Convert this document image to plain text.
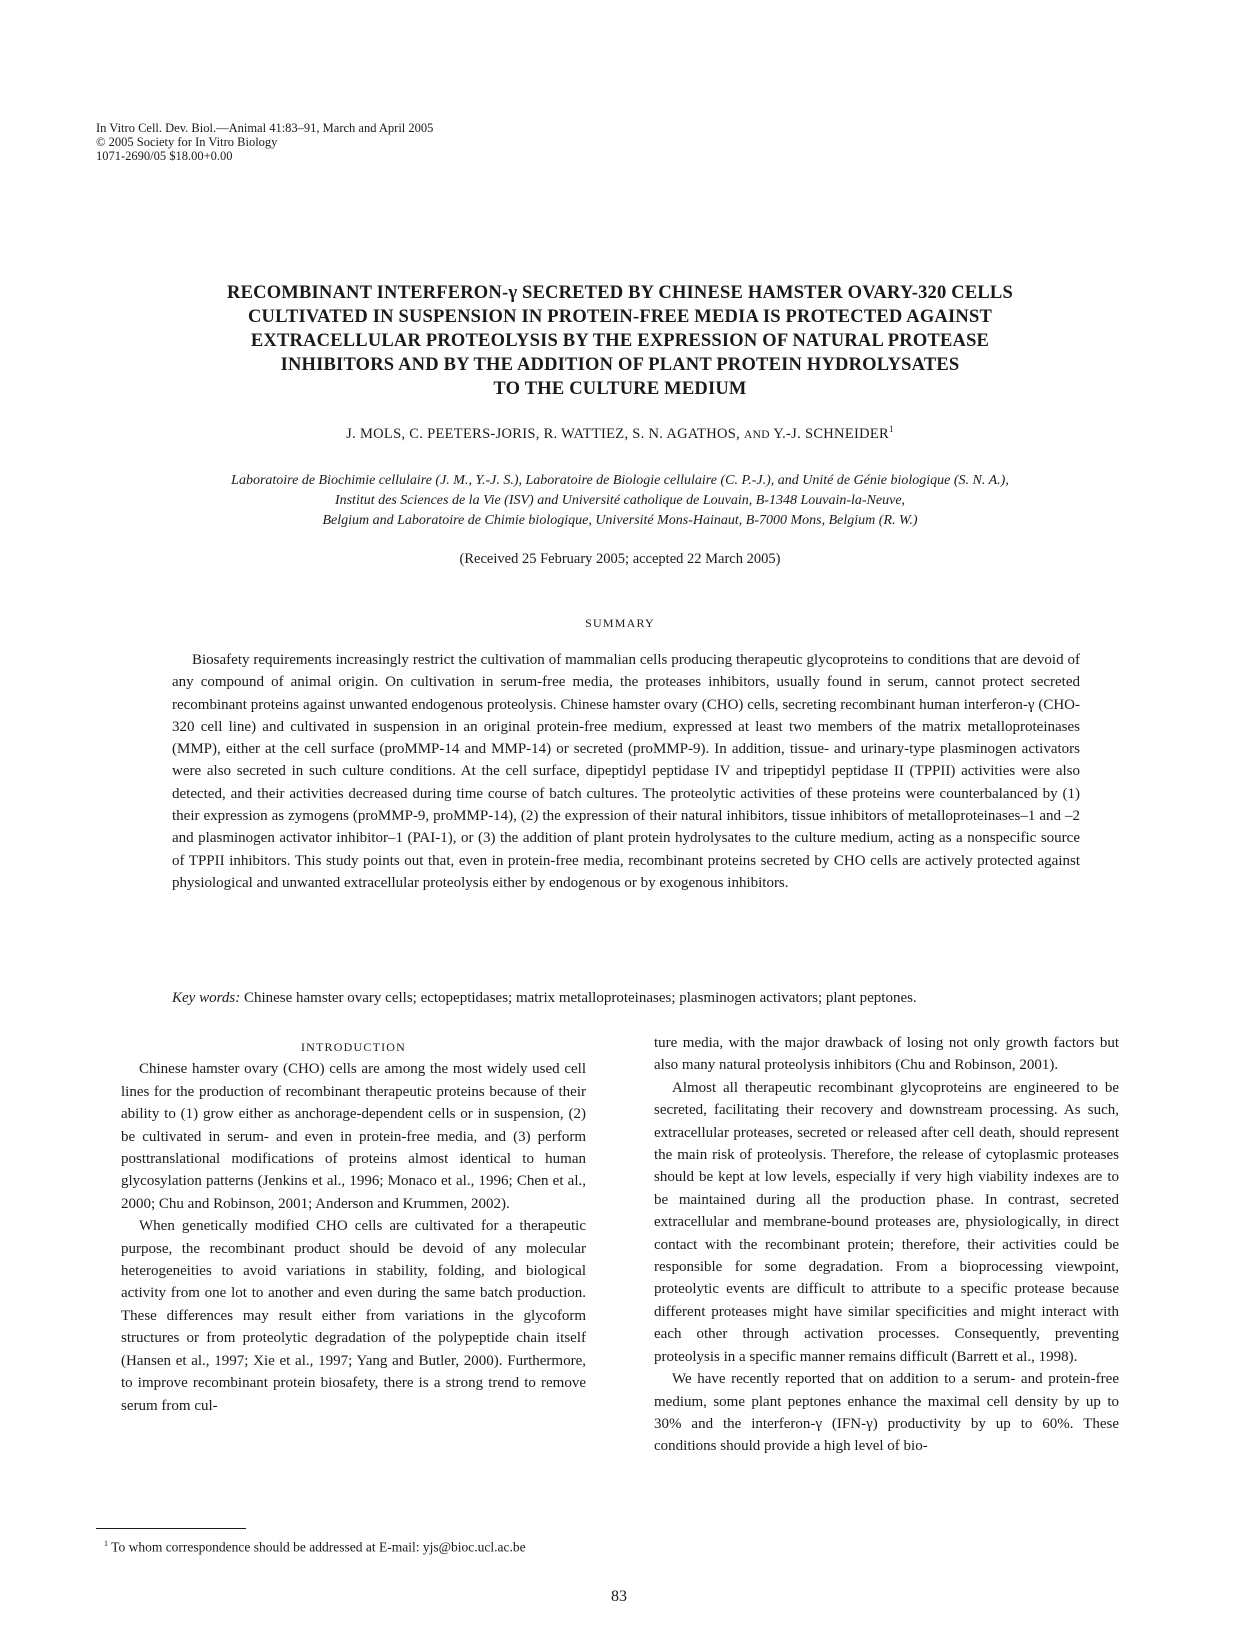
In Vitro Cell. Dev. Biol.—Animal 41:83–91, March and April 2005
© 2005 Society for In Vitro Biology
1071-2690/05 $18.00+0.00
RECOMBINANT INTERFERON-γ SECRETED BY CHINESE HAMSTER OVARY-320 CELLS
CULTIVATED IN SUSPENSION IN PROTEIN-FREE MEDIA IS PROTECTED AGAINST
EXTRACELLULAR PROTEOLYSIS BY THE EXPRESSION OF NATURAL PROTEASE
INHIBITORS AND BY THE ADDITION OF PLANT PROTEIN HYDROLYSATES
TO THE CULTURE MEDIUM
J. MOLS, C. PEETERS-JORIS, R. WATTIEZ, S. N. AGATHOS, AND Y.-J. SCHNEIDER$^1$
Laboratoire de Biochimie cellulaire (J. M., Y.-J. S.), Laboratoire de Biologie cellulaire (C. P.-J.), and Unité de Génie biologique (S. N. A.),
Institut des Sciences de la Vie (ISV) and Université catholique de Louvain, B-1348 Louvain-la-Neuve,
Belgium and Laboratoire de Chimie biologique, Université Mons-Hainaut, B-7000 Mons, Belgium (R. W.)
(Received 25 February 2005; accepted 22 March 2005)
SUMMARY
Biosafety requirements increasingly restrict the cultivation of mammalian cells producing therapeutic glycoproteins to conditions that are devoid of any compound of animal origin. On cultivation in serum-free media, the proteases inhibitors, usually found in serum, cannot protect secreted recombinant proteins against unwanted endogenous proteolysis. Chinese hamster ovary (CHO) cells, secreting recombinant human interferon-γ (CHO-320 cell line) and cultivated in suspension in an original protein-free medium, expressed at least two members of the matrix metalloproteinases (MMP), either at the cell surface (proMMP-14 and MMP-14) or secreted (proMMP-9). In addition, tissue- and urinary-type plasminogen activators were also secreted in such culture conditions. At the cell surface, dipeptidyl peptidase IV and tripeptidyl peptidase II (TPPII) activities were also detected, and their activities decreased during time course of batch cultures. The proteolytic activities of these proteins were counterbalanced by (1) their expression as zymogens (proMMP-9, proMMP-14), (2) the expression of their natural inhibitors, tissue inhibitors of metalloproteinases–1 and –2 and plasminogen activator inhibitor–1 (PAI-1), or (3) the addition of plant protein hydrolysates to the culture medium, acting as a nonspecific source of TPPII inhibitors. This study points out that, even in protein-free media, recombinant proteins secreted by CHO cells are actively protected against physiological and unwanted extracellular proteolysis either by endogenous or by exogenous inhibitors.
Key words: Chinese hamster ovary cells; ectopeptidases; matrix metalloproteinases; plasminogen activators; plant peptones.

INTRODUCTION

Chinese hamster ovary (CHO) cells are among the most widely used cell lines for the production of recombinant therapeutic proteins because of their ability to (1) grow either as anchorage-dependent cells or in suspension, (2) be cultivated in serum- and even in protein-free media, and (3) perform posttranslational modifications of proteins almost identical to human glycosylation patterns (Jenkins et al., 1996; Monaco et al., 1996; Chen et al., 2000; Chu and Robinson, 2001; Anderson and Krummen, 2002).

When genetically modified CHO cells are cultivated for a therapeutic purpose, the recombinant product should be devoid of any molecular heterogeneities to avoid variations in stability, folding, and biological activity from one lot to another and even during the same batch production. These differences may result either from variations in the glycoform structures or from proteolytic degradation of the polypeptide chain itself (Hansen et al., 1997; Xie et al., 1997; Yang and Butler, 2000). Furthermore, to improve recombinant protein biosafety, there is a strong trend to remove serum from cul-

ture media, with the major drawback of losing not only growth factors but also many natural proteolysis inhibitors (Chu and Robinson, 2001).

Almost all therapeutic recombinant glycoproteins are engineered to be secreted, facilitating their recovery and downstream processing. As such, extracellular proteases, secreted or released after cell death, should represent the main risk of proteolysis. Therefore, the release of cytoplasmic proteases should be kept at low levels, especially if very high viability indexes are to be maintained during all the production phase. In contrast, secreted extracellular and membrane-bound proteases are, physiologically, in direct contact with the recombinant protein; therefore, their activities could be responsible for some degradation. From a bioprocessing viewpoint, proteolytic events are difficult to attribute to a specific protease because different proteases might have similar specificities and might interact with each other through activation processes. Consequently, preventing proteolysis in a specific manner remains difficult (Barrett et al., 1998).

We have recently reported that on addition to a serum- and protein-free medium, some plant peptones enhance the maximal cell density by up to 30% and the interferon-γ (IFN-γ) productivity by up to 60%. These conditions should provide a high level of bio-

$^1$ To whom correspondence should be addressed at E-mail: yjs@bioc.ucl.ac.be
83
